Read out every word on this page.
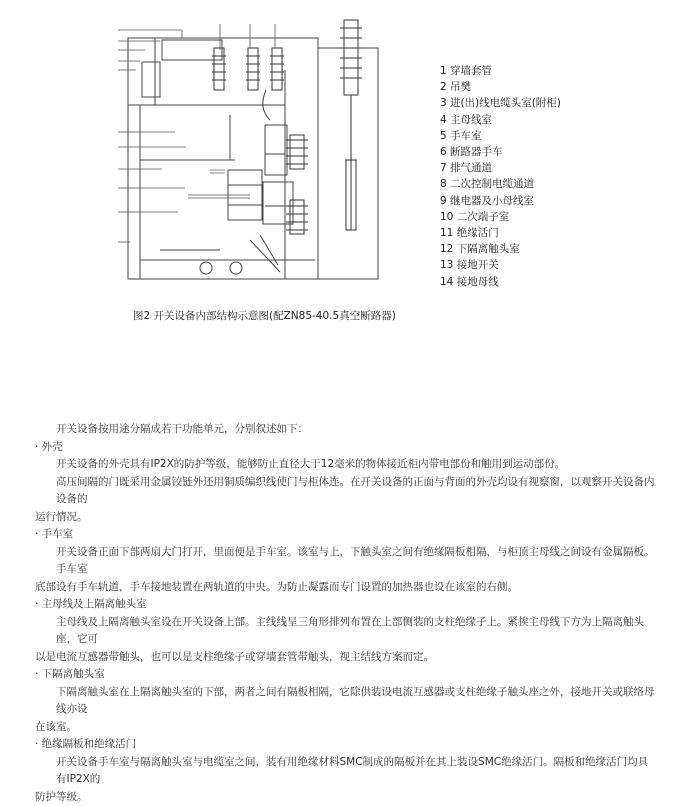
1 穿墙套管
2 吊樊
3 进(出)线电缆头室(附柜)
4 主母线室
5 手车室
6 断路器手车
7 排气通道
8 二次控制电缆通道
9 继电器及小母线室
10 二次端子室
11 绝缘活门
12 下隔离触头室
13 接地开关
14 接地母线
图2 开关设备内部结构示意图(配ZN85-40.5真空断路器)

开关设备按用途分隔成若干功能单元，分别叙述如下：

· 外壳

开关设备的外壳具有IP2X的防护等级，能够防止直径大于12毫米的物体接近柜内带电部份和触用到运动部份。

高压间隔的门既采用金属铰链外还用铜质编织线使门与柜体连。在开关设备的正面与背面的外壳均设有视察窗，以观察开关设备内设备的

运行情况。

· 手车室

开关设备正面下部两扇大门打开，里面便是手车室。该室与上，下触头室之间有绝缘隔板相隔，与柜顶主母线之间设有金属隔板。手车室

底部设有手车轨道，手车接地装置在两轨道的中央。为防止凝露而专门设置的加热器也设在该室的右侧。

· 主母线及上隔离触头室

主母线及上隔离触头室设在开关设备上部。主线线呈三角形排列布置在上部侧装的支柱绝缘子上。紧挨主母线下方为上隔离触头座，它可

以是电流互感器带触头，也可以是支柱绝缘子或穿墙套管带触头，视主结线方案而定。

· 下隔离触头室

下隔离触头室在上隔离触头室的下部，两者之间有隔板相隔，它除供装设电流互感器或支柱绝缘子触头座之外，接地开关或联络母线亦设

在该室。

· 绝缘隔板和绝缘活门

开关设备手车室与隔离触头室与电缆室之间，装有用绝缘材料SMC制成的隔板并在其上装设SMC绝缘活门。隔板和绝缘活门均具有IP2X的

防护等级。
